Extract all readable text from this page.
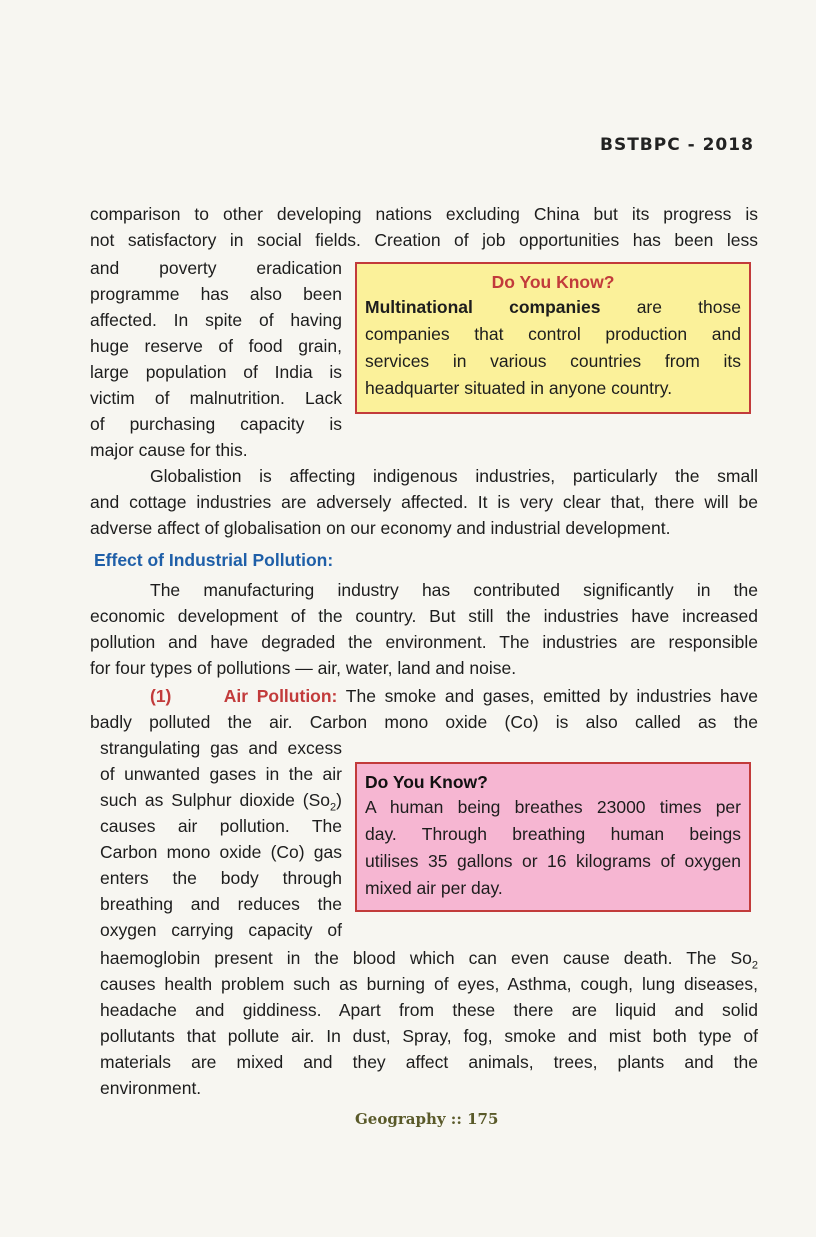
BSTBPC - 2018

comparison to other developing nations excluding China but its progress is

not satisfactory in social fields. Creation of job opportunities has been less

and poverty eradication

programme has also been

affected. In spite of having

huge reserve of food grain,

large population of India is

victim of malnutrition. Lack

of purchasing capacity is

major cause for this.

Do You Know?

Multinational companies are those

companies that control production and

services in various countries from its

headquarter situated in anyone country.

Globalistion is affecting indigenous industries, particularly the small

and cottage industries are adversely affected. It is very clear that, there will be

adverse affect of globalisation on our economy and industrial development.

Effect of Industrial Pollution:

The manufacturing industry has contributed significantly in the

economic development of the country. But still the industries have increased

pollution and have degraded the environment. The industries are responsible

for four types of pollutions — air, water, land and noise.

(1)	Air Pollution: The smoke and gases, emitted by industries have

badly polluted the air. Carbon mono oxide (Co) is also called as the

strangulating gas and excess

of unwanted gases in the air

such as Sulphur dioxide $(So_2)$

causes air pollution. The

Carbon mono oxide (Co) gas

enters the body through

breathing and reduces the

oxygen carrying capacity of

Do You Know?

A human being breathes 23000 times per

day. Through breathing human beings

utilises 35 gallons or 16 kilograms of oxygen

mixed air per day.

haemoglobin present in the blood which can even cause death. The $So_2$

causes health problem such as burning of eyes, Asthma, cough, lung diseases,

headache and giddiness. Apart from these there are liquid and solid

pollutants that pollute air. In dust, Spray, fog, smoke and mist both type of

materials are mixed and they affect animals, trees, plants and the

environment.

Geography :: 175
